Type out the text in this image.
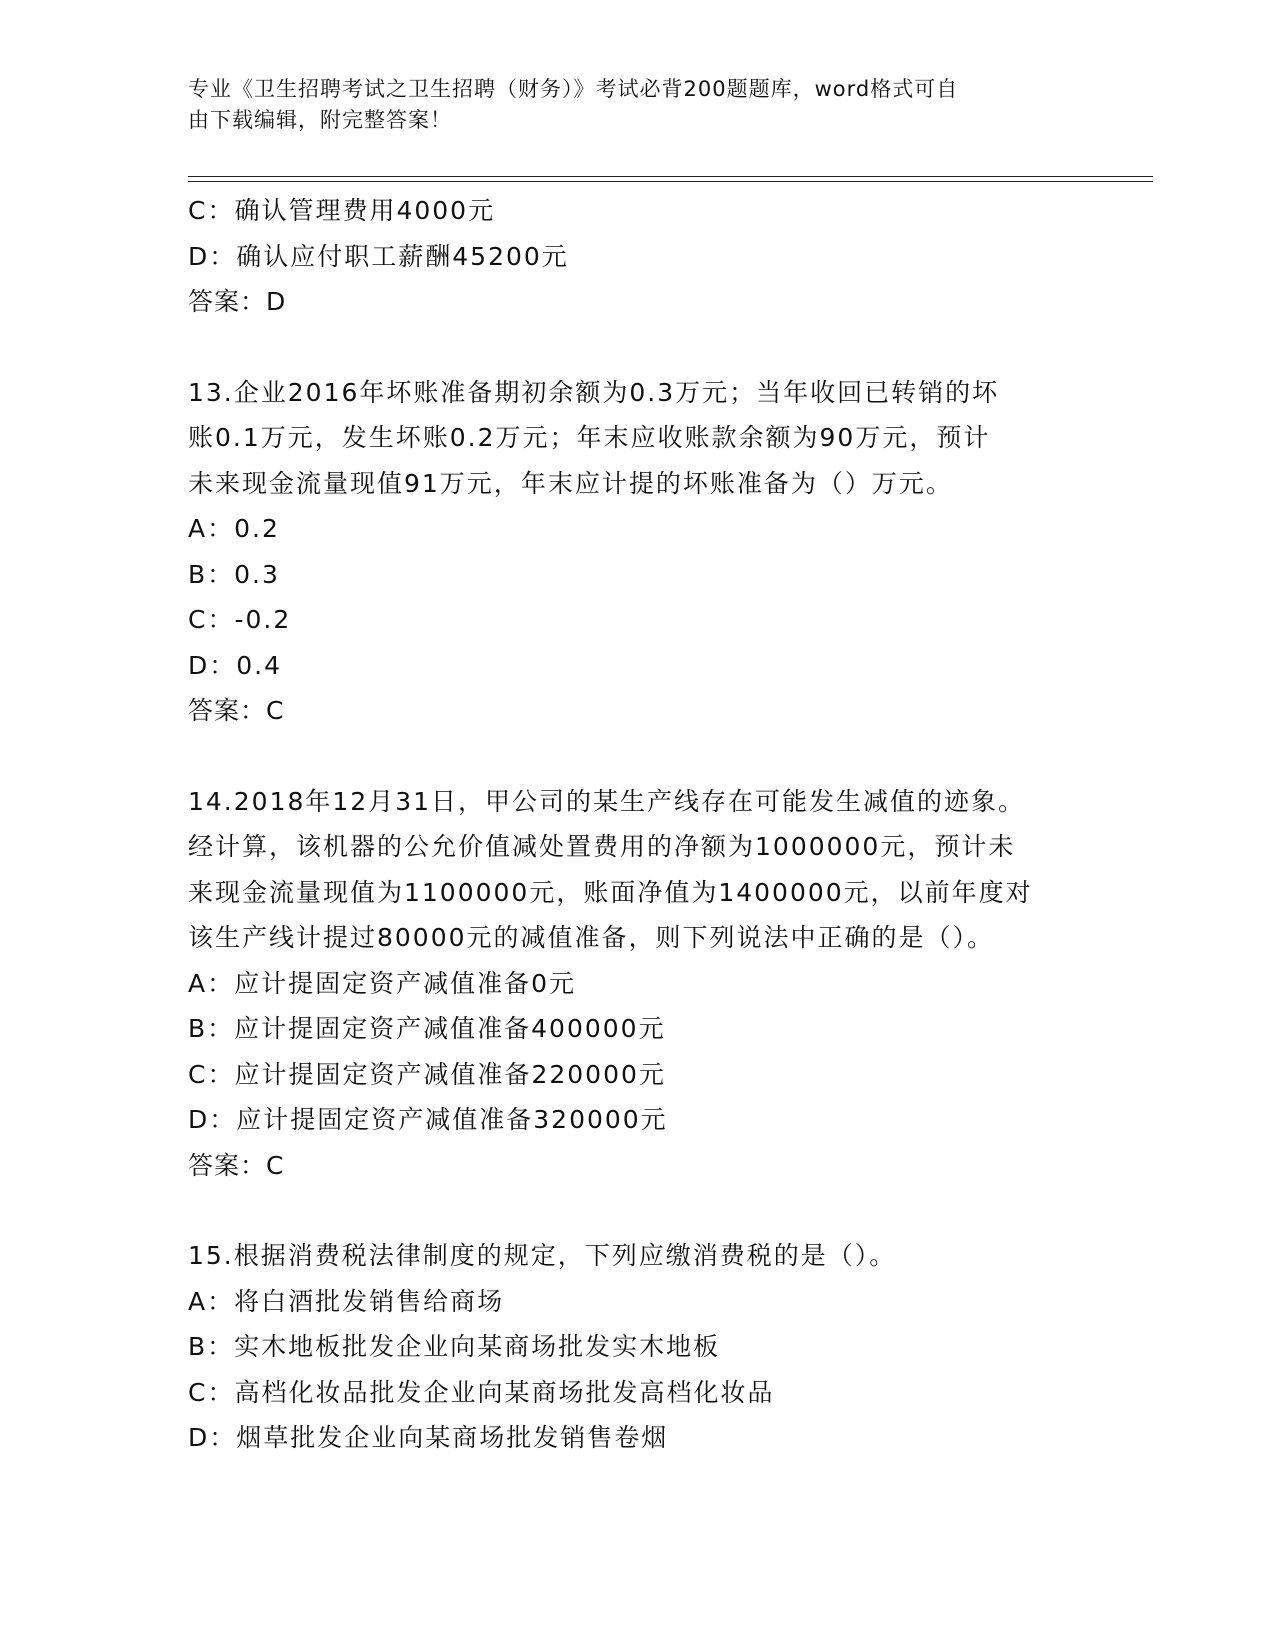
专业《卫生招聘考试之卫生招聘（财务）》考试必背200题题库，word格式可自
由下载编辑，附完整答案！
C：确认管理费用4000元
D：确认应付职工薪酬45200元
答案：D
13.企业2016年坏账准备期初余额为0.3万元；当年收回已转销的坏
账0.1万元，发生坏账0.2万元；年末应收账款余额为90万元，预计
未来现金流量现值91万元，年末应计提的坏账准备为（）万元。
A：0.2
B：0.3
C：-0.2
D：0.4
答案：C
14.2018年12月31日，甲公司的某生产线存在可能发生减值的迹象。
经计算，该机器的公允价值减处置费用的净额为1000000元，预计未
来现金流量现值为1100000元，账面净值为1400000元，以前年度对
该生产线计提过80000元的减值准备，则下列说法中正确的是（）。
A：应计提固定资产减值准备0元
B：应计提固定资产减值准备400000元
C：应计提固定资产减值准备220000元
D：应计提固定资产减值准备320000元
答案：C
15.根据消费税法律制度的规定，下列应缴消费税的是（）。
A：将白酒批发销售给商场
B：实木地板批发企业向某商场批发实木地板
C：高档化妆品批发企业向某商场批发高档化妆品
D：烟草批发企业向某商场批发销售卷烟
